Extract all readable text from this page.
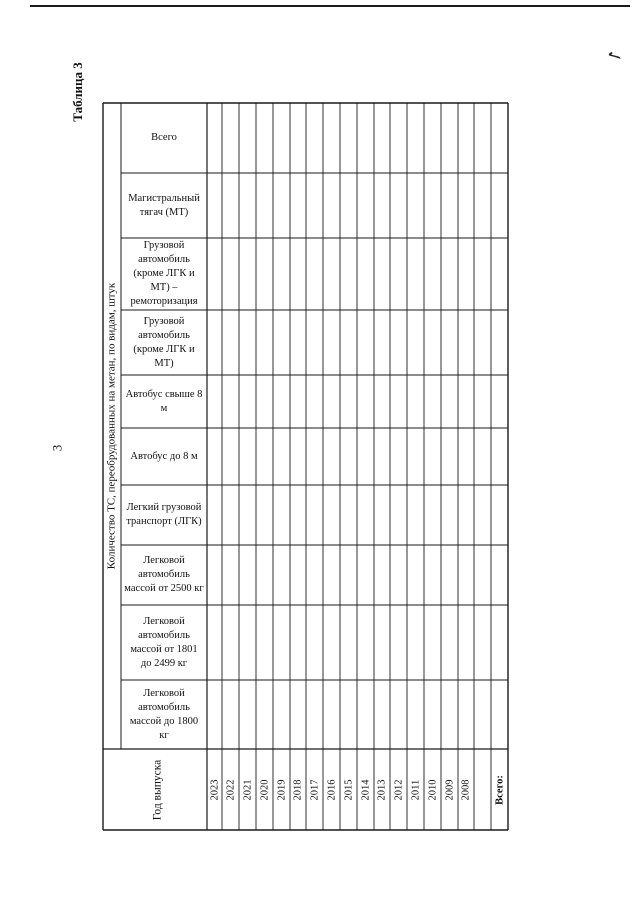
✓
3
Таблица 3
Количество ТС, переобрудованных на метан, по видам, штук
Год выпуска
Всего
Магистральный тягач (МТ)
Грузовой автомобиль (кроме ЛГК и МТ) – ремоторизация
Грузовой автомобиль (кроме ЛГК и МТ)
Автобус свыше 8 м
Автобус до 8 м
Легкий грузовой транспорт (ЛГК)
Легковой автомобиль массой от 2500 кг
Легковой автомобиль массой от 1801 до 2499 кг
Легковой автомобиль массой до 1800 кг
2023 2022 2021 2020 2019 2018 2017 2016 2015 2014 2013 2012 2011 2010 2009 2008 Всего:
